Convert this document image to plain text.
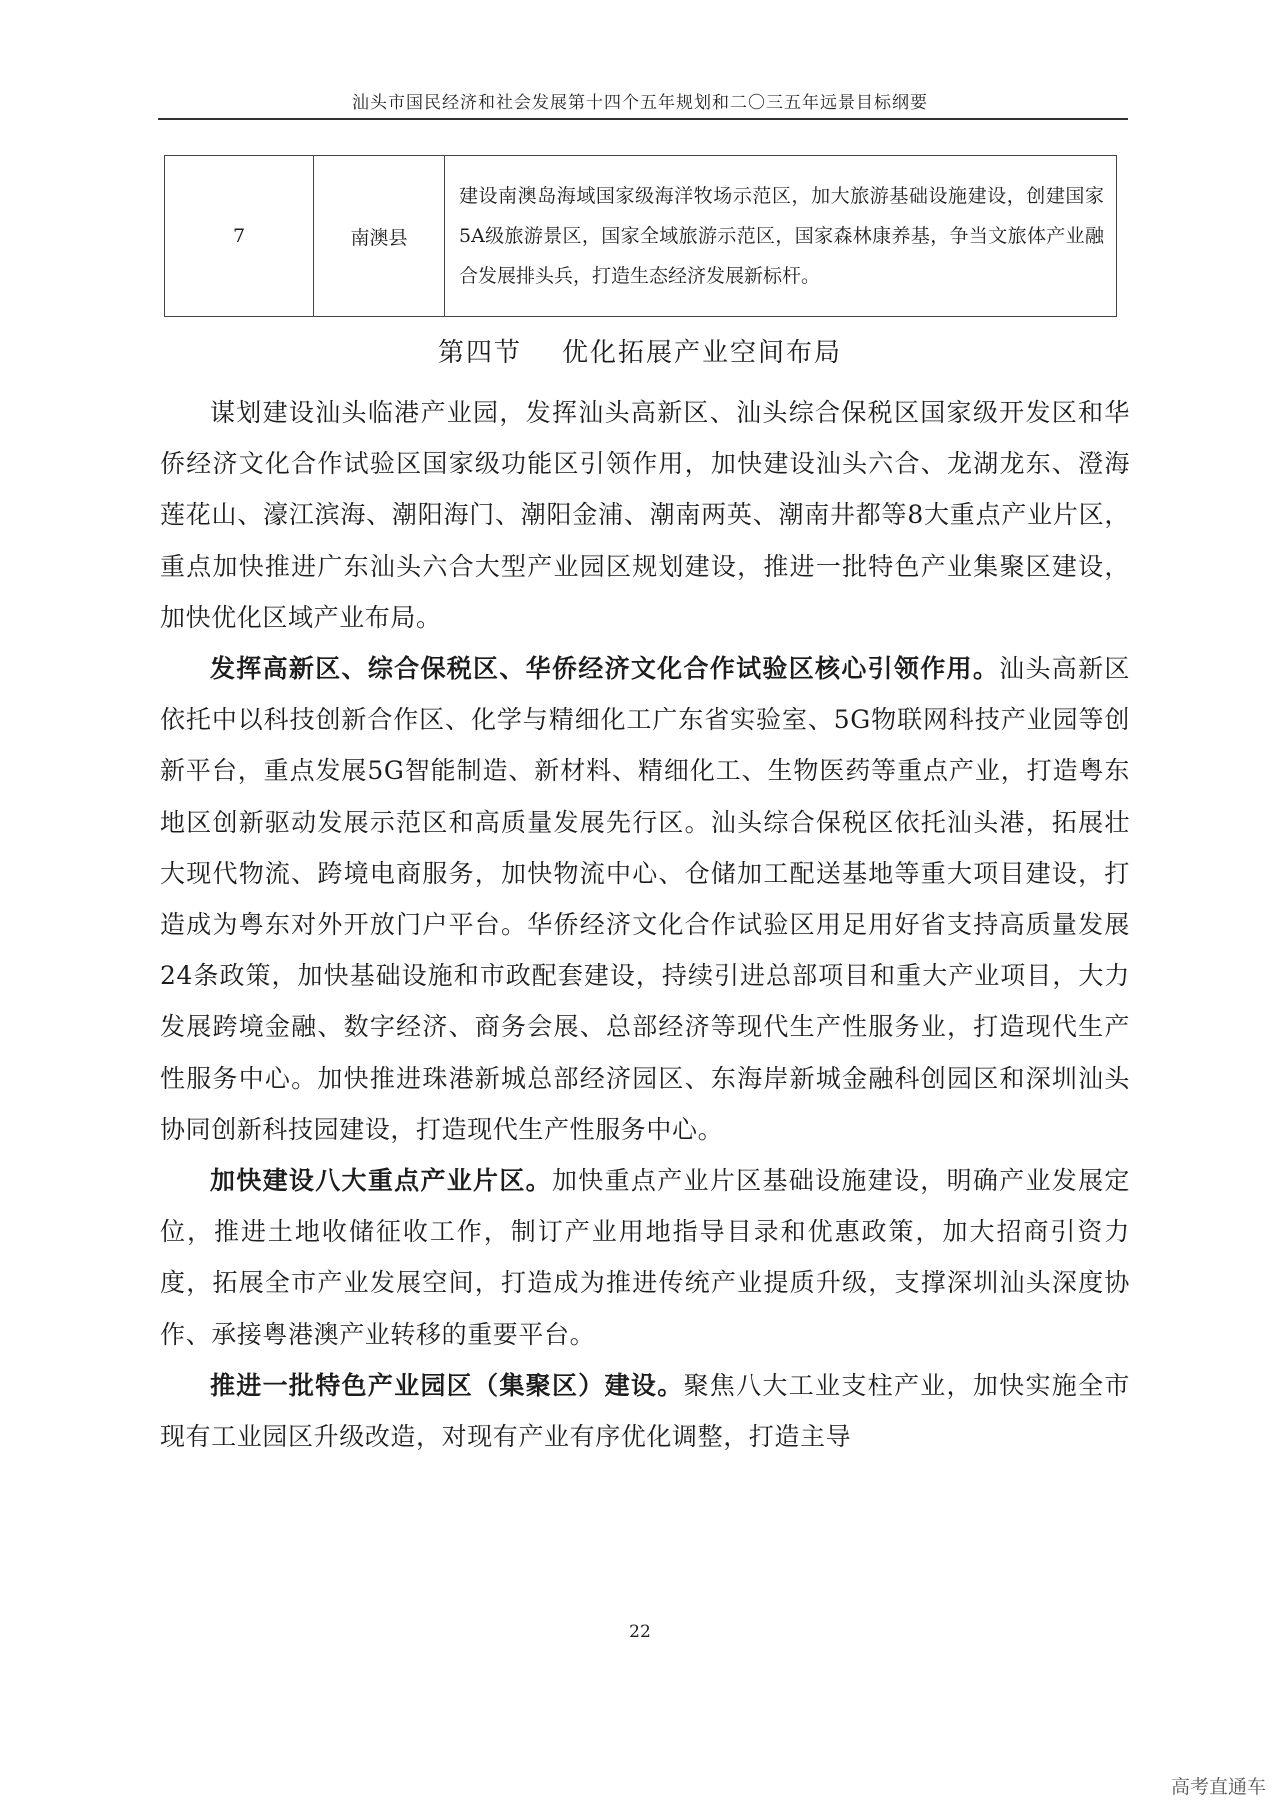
汕头市国民经济和社会发展第十四个五年规划和二〇三五年远景目标纲要
7	南澳县	建设南澳岛海域国家级海洋牧场示范区，加大旅游基础设施建设，创建国家5A级旅游景区，国家全域旅游示范区，国家森林康养基，争当文旅体产业融合发展排头兵，打造生态经济发展新标杆。
第四节 优化拓展产业空间布局

谋划建设汕头临港产业园，发挥汕头高新区、汕头综合保税区国家级开发区和华侨经济文化合作试验区国家级功能区引领作用，加快建设汕头六合、龙湖龙东、澄海莲花山、濠江滨海、潮阳海门、潮阳金浦、潮南两英、潮南井都等8大重点产业片区，重点加快推进广东汕头六合大型产业园区规划建设，推进一批特色产业集聚区建设，加快优化区域产业布局。

发挥高新区、综合保税区、华侨经济文化合作试验区核心引领作用。汕头高新区依托中以科技创新合作区、化学与精细化工广东省实验室、5G物联网科技产业园等创新平台，重点发展5G智能制造、新材料、精细化工、生物医药等重点产业，打造粤东地区创新驱动发展示范区和高质量发展先行区。汕头综合保税区依托汕头港，拓展壮大现代物流、跨境电商服务，加快物流中心、仓储加工配送基地等重大项目建设，打造成为粤东对外开放门户平台。华侨经济文化合作试验区用足用好省支持高质量发展24条政策，加快基础设施和市政配套建设，持续引进总部项目和重大产业项目，大力发展跨境金融、数字经济、商务会展、总部经济等现代生产性服务业，打造现代生产性服务中心。加快推进珠港新城总部经济园区、东海岸新城金融科创园区和深圳汕头协同创新科技园建设，打造现代生产性服务中心。

加快建设八大重点产业片区。加快重点产业片区基础设施建设，明确产业发展定位，推进土地收储征收工作，制订产业用地指导目录和优惠政策，加大招商引资力度，拓展全市产业发展空间，打造成为推进传统产业提质升级，支撑深圳汕头深度协作、承接粤港澳产业转移的重要平台。

推进一批特色产业园区（集聚区）建设。聚焦八大工业支柱产业，加快实施全市现有工业园区升级改造，对现有产业有序优化调整，打造主导

22
高考直通车
